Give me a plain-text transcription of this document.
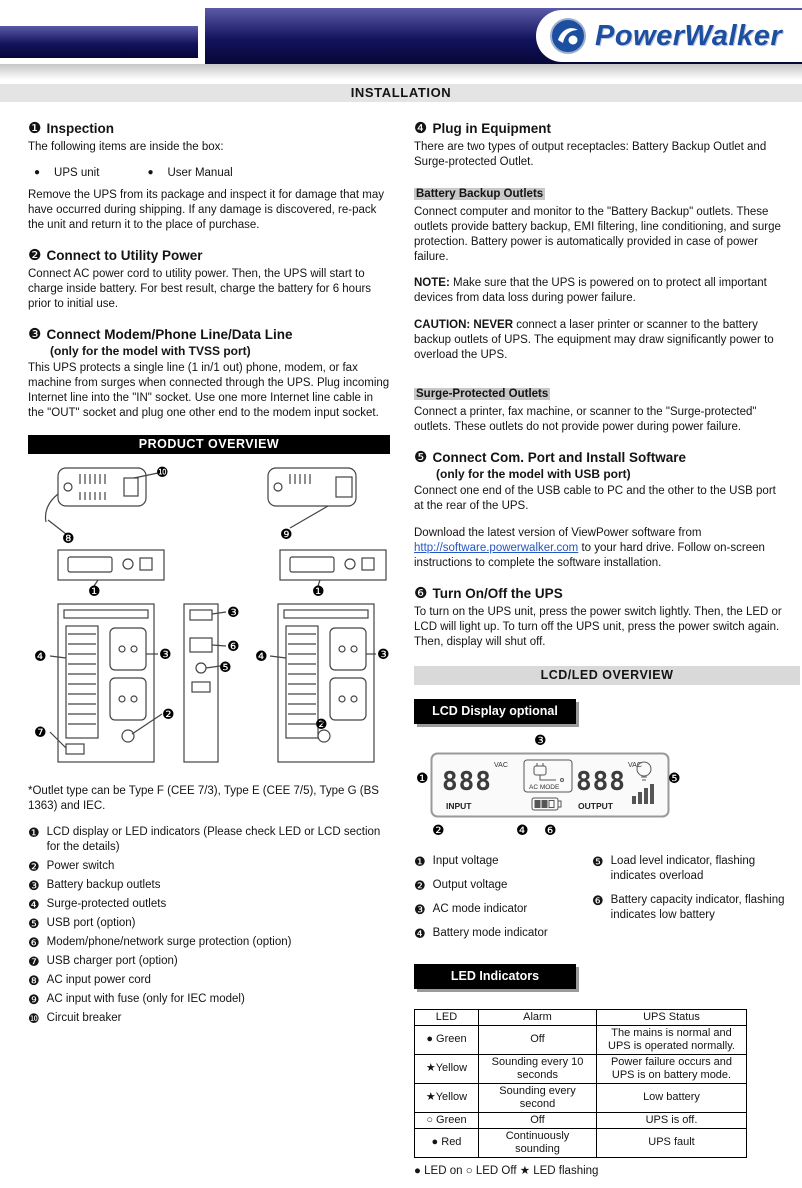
PowerWalker
INSTALLATION
❶ Inspection

The following items are inside the box:

● UPS unit	● User Manual

Remove the UPS from its package and inspect it for damage that may have occurred during shipping. If any damage is discovered, re-pack the unit and return it to the place of purchase.

❷ Connect to Utility Power

Connect AC power cord to utility power. Then, the UPS will start to charge inside battery. For best result, charge the battery for 6 hours prior to initial use.

❸ Connect Modem/Phone Line/Data Line
(only for the model with TVSS port)

This UPS protects a single line (1 in/1 out) phone, modem, or fax machine from surges when connected through the UPS. Plug incoming Internet line into the "IN" socket. Use one more Internet line cable in the "OUT" socket and plug one other end to the modem input socket.

PRODUCT OVERVIEW
❿
❽	❾
❶	❶
❹	❸
❷
❼
❸
❻
❺
❹	❸
❷

*Outlet type can be Type F (CEE 7/3), Type E (CEE 7/5), Type G (BS 1363) and IEC.

❶ LCD display or LED indicators (Please check LED or LCD section for the details)
❷ Power switch
❸ Battery backup outlets
❹ Surge-protected outlets
❺ USB port (option)
❻ Modem/phone/network surge protection (option)
❼ USB charger port (option)
❽ AC input power cord
❾ AC input with fuse (only for IEC model)
❿ Circuit breaker
❹ Plug in Equipment

There are two types of output receptacles: Battery Backup Outlet and Surge-protected Outlet.

Battery Backup Outlets

Connect computer and monitor to the "Battery Backup" outlets. These outlets provide battery backup, EMI filtering, line conditioning, and surge protection. Battery power is automatically provided in case of power failure.

NOTE: Make sure that the UPS is powered on to protect all important devices from data loss during power failure.

CAUTION: NEVER connect a laser printer or scanner to the battery backup outlets of UPS. The equipment may draw significantly power to overload the UPS.

Surge-Protected Outlets

Connect a printer, fax machine, or scanner to the "Surge-protected" outlets. These outlets do not provide power during power failure.

❺ Connect Com. Port and Install Software
(only for the model with USB port)

Connect one end of the USB cable to PC and the other to the USB port at the rear of the UPS.

Download the latest version of ViewPower software from http://software.powerwalker.com to your hard drive. Follow on-screen instructions to complete the software installation.

❻ Turn On/Off the UPS

To turn on the UPS unit, press the power switch lightly. Then, the LED or LCD will light up. To turn off the UPS unit, press the power switch again. Then, display will shut off.

LCD/LED OVERVIEW
LCD Display optional
888
VAC
INPUT
AC MODE 888
VAC
OUTPUT
❸
❶	❺
❷	❹ ❻
❶ Input voltage
❷ Output voltage
❸ AC mode indicator
❹ Battery mode indicator
❺ Load level indicator, flashing indicates overload
❻ Battery capacity indicator, flashing indicates low battery
LED Indicators
LED	Alarm	UPS Status
● Green	Off	The mains is normal and UPS is operated normally.
★Yellow	Sounding every 10 seconds	Power failure occurs and UPS is on battery mode.
★Yellow	Sounding every second	Low battery
○ Green	Off	UPS is off.
● Red	Continuously sounding	UPS fault

● LED on ○ LED Off ★ LED flashing
